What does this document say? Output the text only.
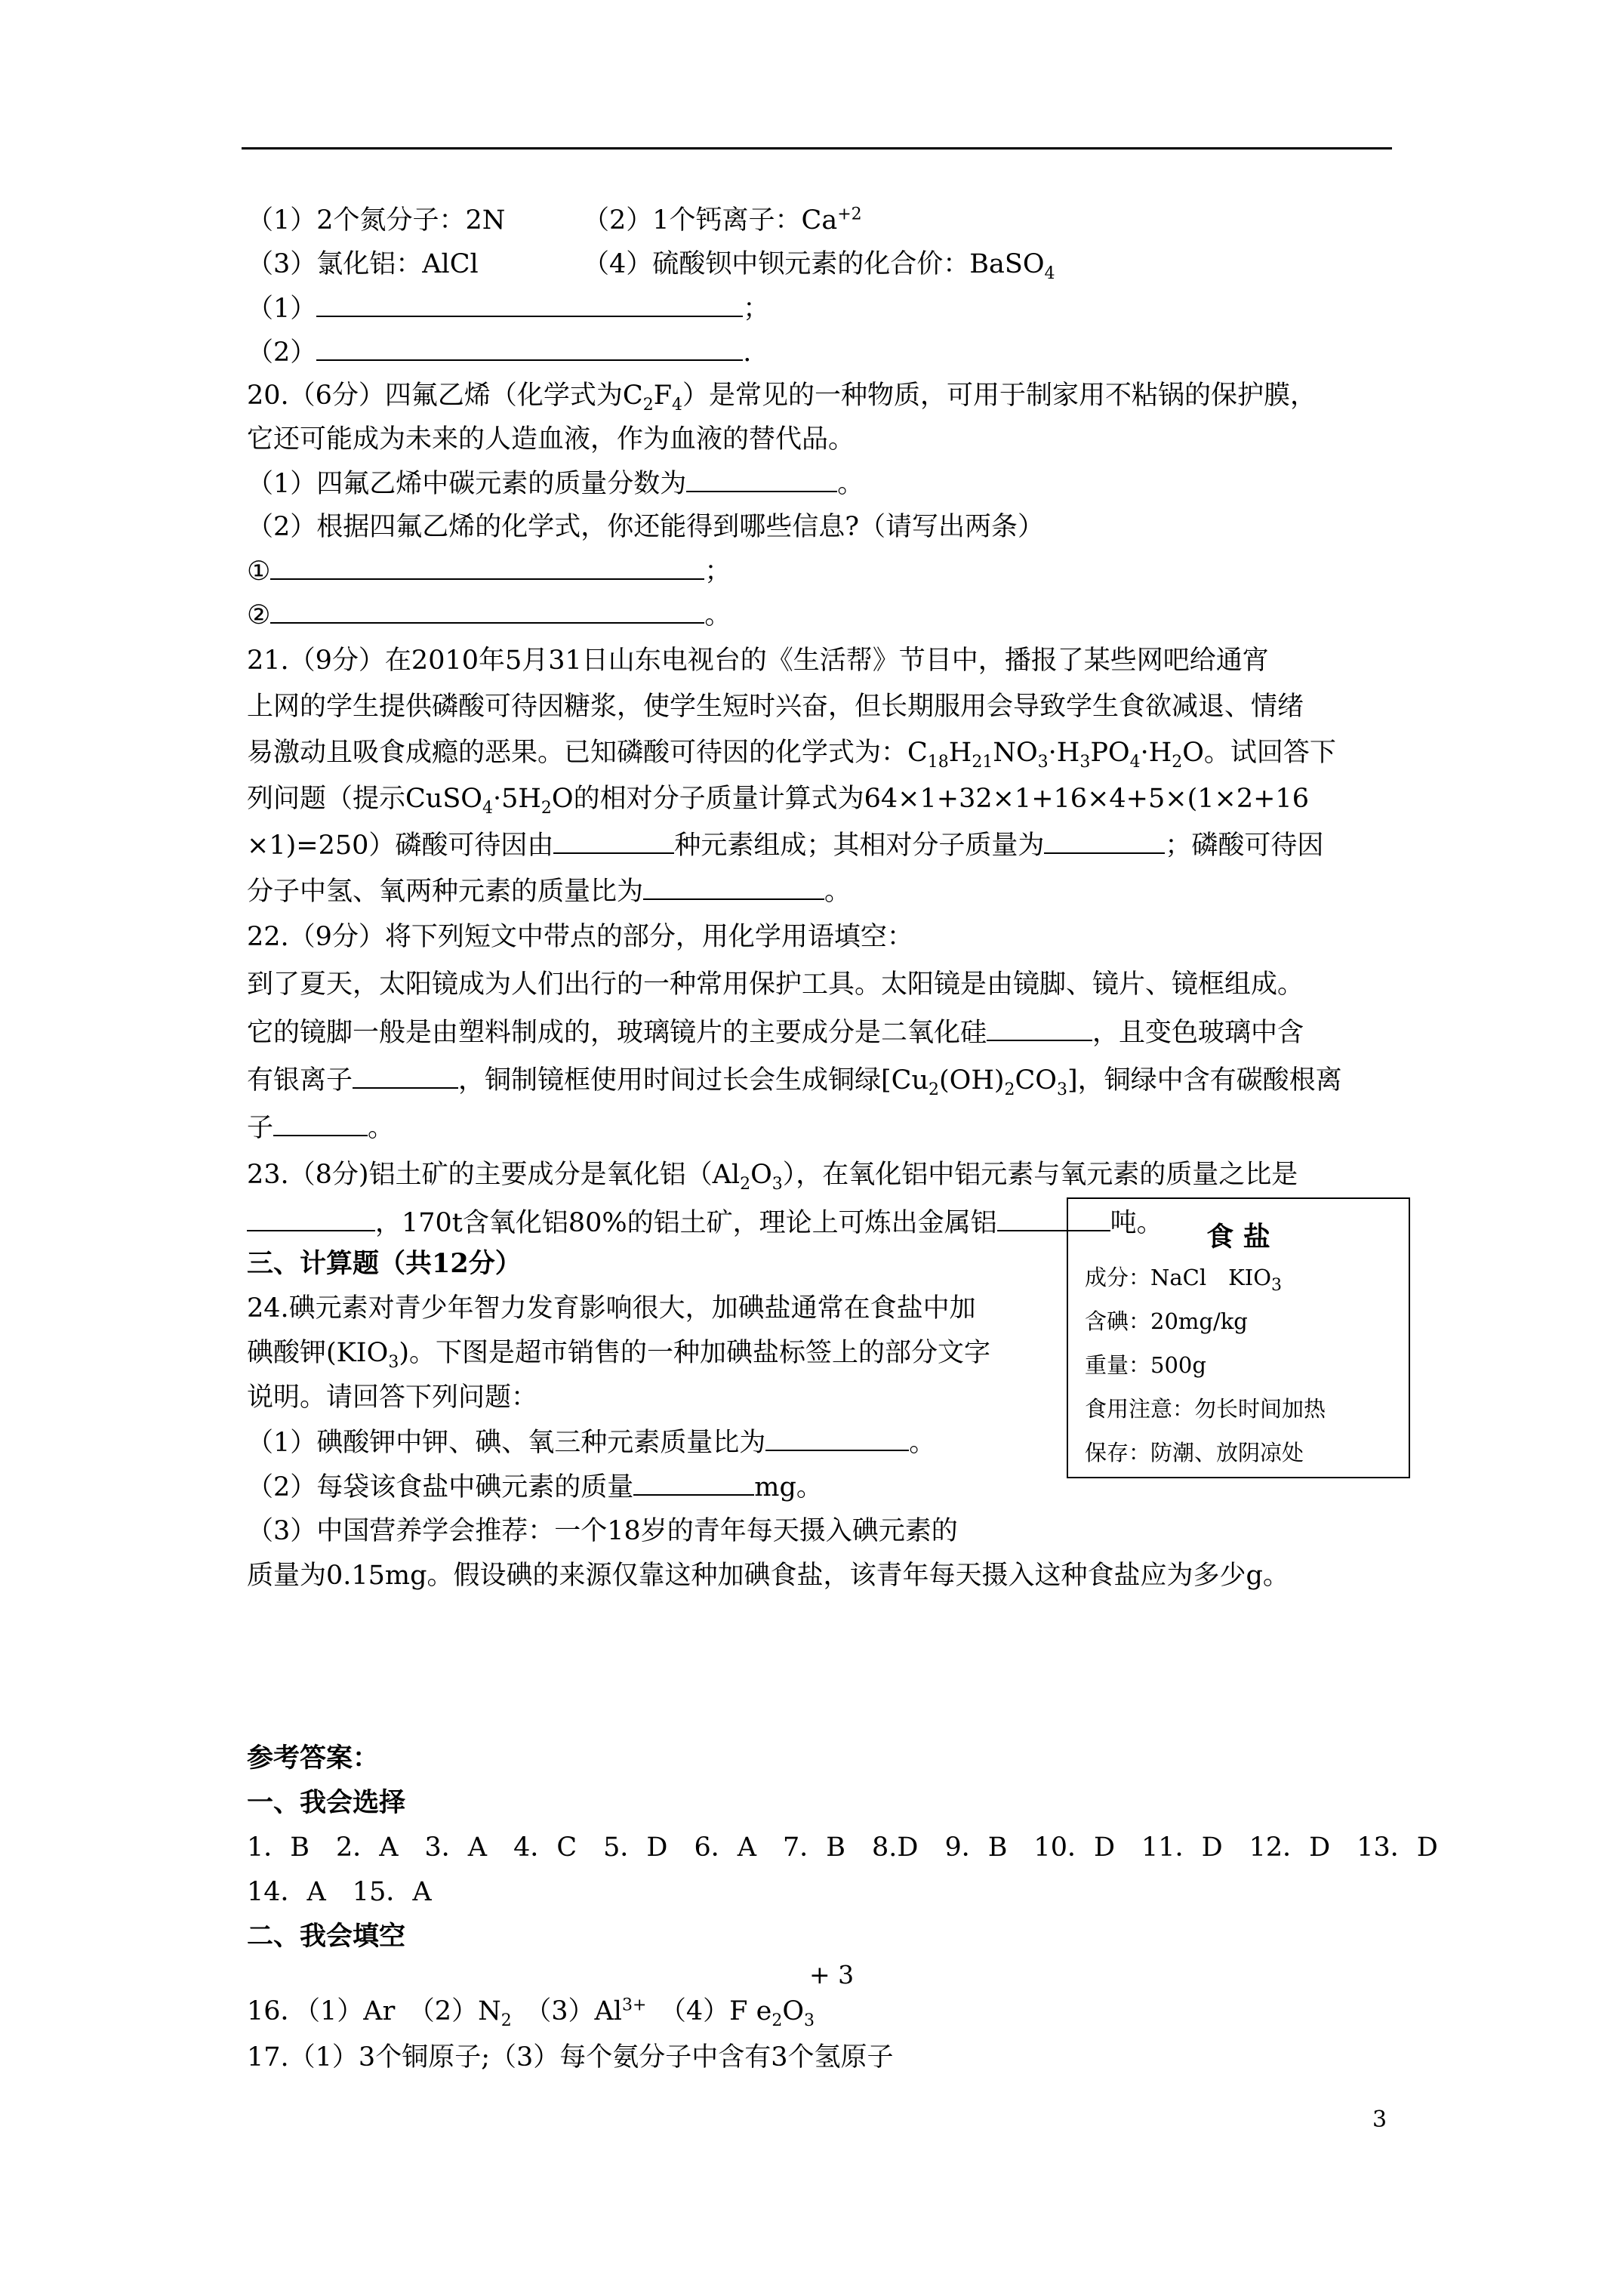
（1）2个氮分子：2N	（2）1个钙离子：$Ca^{+2}$
（3）氯化铝：AlCl	（4）硫酸钡中钡元素的化合价：BaSO$_4$
（1）	；
（2）	.
20.（6分）四氟乙烯（化学式为$C_2F_4$）是常见的一种物质，可用于制家用不粘锅的保护膜，
它还可能成为未来的人造血液，作为血液的替代品。
（1）四氟乙烯中碳元素的质量分数为	。
（2）根据四氟乙烯的化学式，你还能得到哪些信息?（请写出两条）
①	；
②	。
21.（9分）在2010年5月31日山东电视台的《生活帮》节目中，播报了某些网吧给通宵
上网的学生提供磷酸可待因糖浆，使学生短时兴奋，但长期服用会导致学生食欲减退、情绪
易激动且吸食成瘾的恶果。已知磷酸可待因的化学式为：$C_{18}H_{21}NO_3\cdot H_3PO_4\cdot H_2O$。试回答下
列问题（提示$CuSO_4\cdot 5H_2O$的相对分子质量计算式为64×1+32×1+16×4+5×(1×2+16
×1)=250）磷酸可待因由	种元素组成；其相对分子质量为	；磷酸可待因
分子中氢、氧两种元素的质量比为	。
22.（9分）将下列短文中带点的部分，用化学用语填空：
到了夏天，太阳镜成为人们出行的一种常用保护工具。太阳镜是由镜脚、镜片、镜框组成。
它的镜脚一般是由塑料制成的，玻璃镜片的主要成分是二氧化硅	，且变色玻璃中含
有银离子	，铜制镜框使用时间过长会生成铜绿$[Cu_2(OH)_2CO_3]$，铜绿中含有碳酸根离
子	。
23.（8分)铝土矿的主要成分是氧化铝$(Al_2O_3)$，在氧化铝中铝元素与氧元素的质量之比是
，170t含氧化铝80%的铝土矿，理论上可炼出金属铝	吨。
三、计算题（共12分）
24.碘元素对青少年智力发育影响很大，加碘盐通常在食盐中加
碘酸钾$(KIO_3)$。下图是超市销售的一种加碘盐标签上的部分文字
说明。请回答下列问题：
（1）碘酸钾中钾、碘、氧三种元素质量比为	。
（2）每袋该食盐中碘元素的质量	mg。
（3）中国营养学会推荐：一个18岁的青年每天摄入碘元素的
质量为0.15mg。假设碘的来源仅靠这种加碘食盐，该青年每天摄入这种食盐应为多少g。
食 盐
成分：NaCl　$KIO_3$
含碘：20mg/kg
重量：500g
食用注意：勿长时间加热
保存：防潮、放阴凉处
参考答案：
一、我会选择
1．B　2．A　3．A　4．C　5．D　6．A　7．B　8.D　9．B　10．D　11．D　12．D　13．D
14．A　15．A
二、我会填空
+ 3
16．（1）Ar　$(2)N_2$　$(3)Al^{3+}$　（4）F $e_2O_3$
17.（1）3个铜原子;（3）每个氨分子中含有3个氢原子
3
